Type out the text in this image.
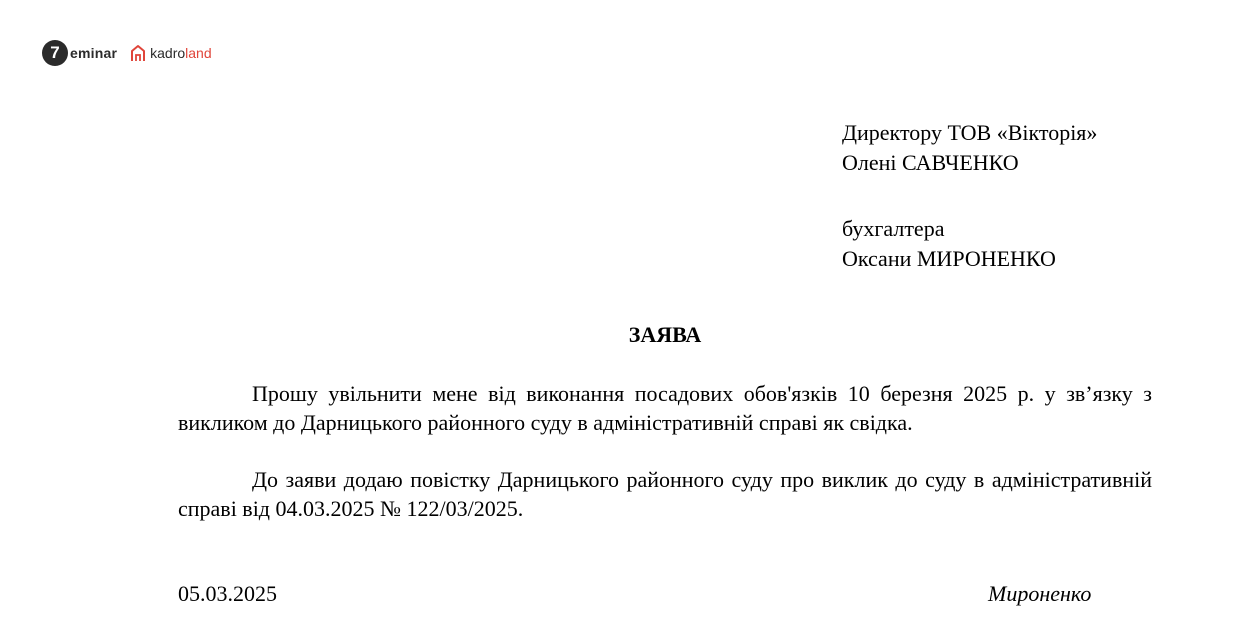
7 eminar kadroland
Директору ТОВ «Вікторія»
Олені САВЧЕНКО
бухгалтера
Оксани МИРОНЕНКО
ЗАЯВА

Прошу увільнити мене від виконання посадових обов'язків 10 березня 2025 р. у зв’язку з викликом до Дарницького районного суду в адміністративній справі як свідка.

До заяви додаю повістку Дарницького районного суду про виклик до суду в адміністративній справі від 04.03.2025 № 122/03/2025.

05.03.2025	Мироненко
